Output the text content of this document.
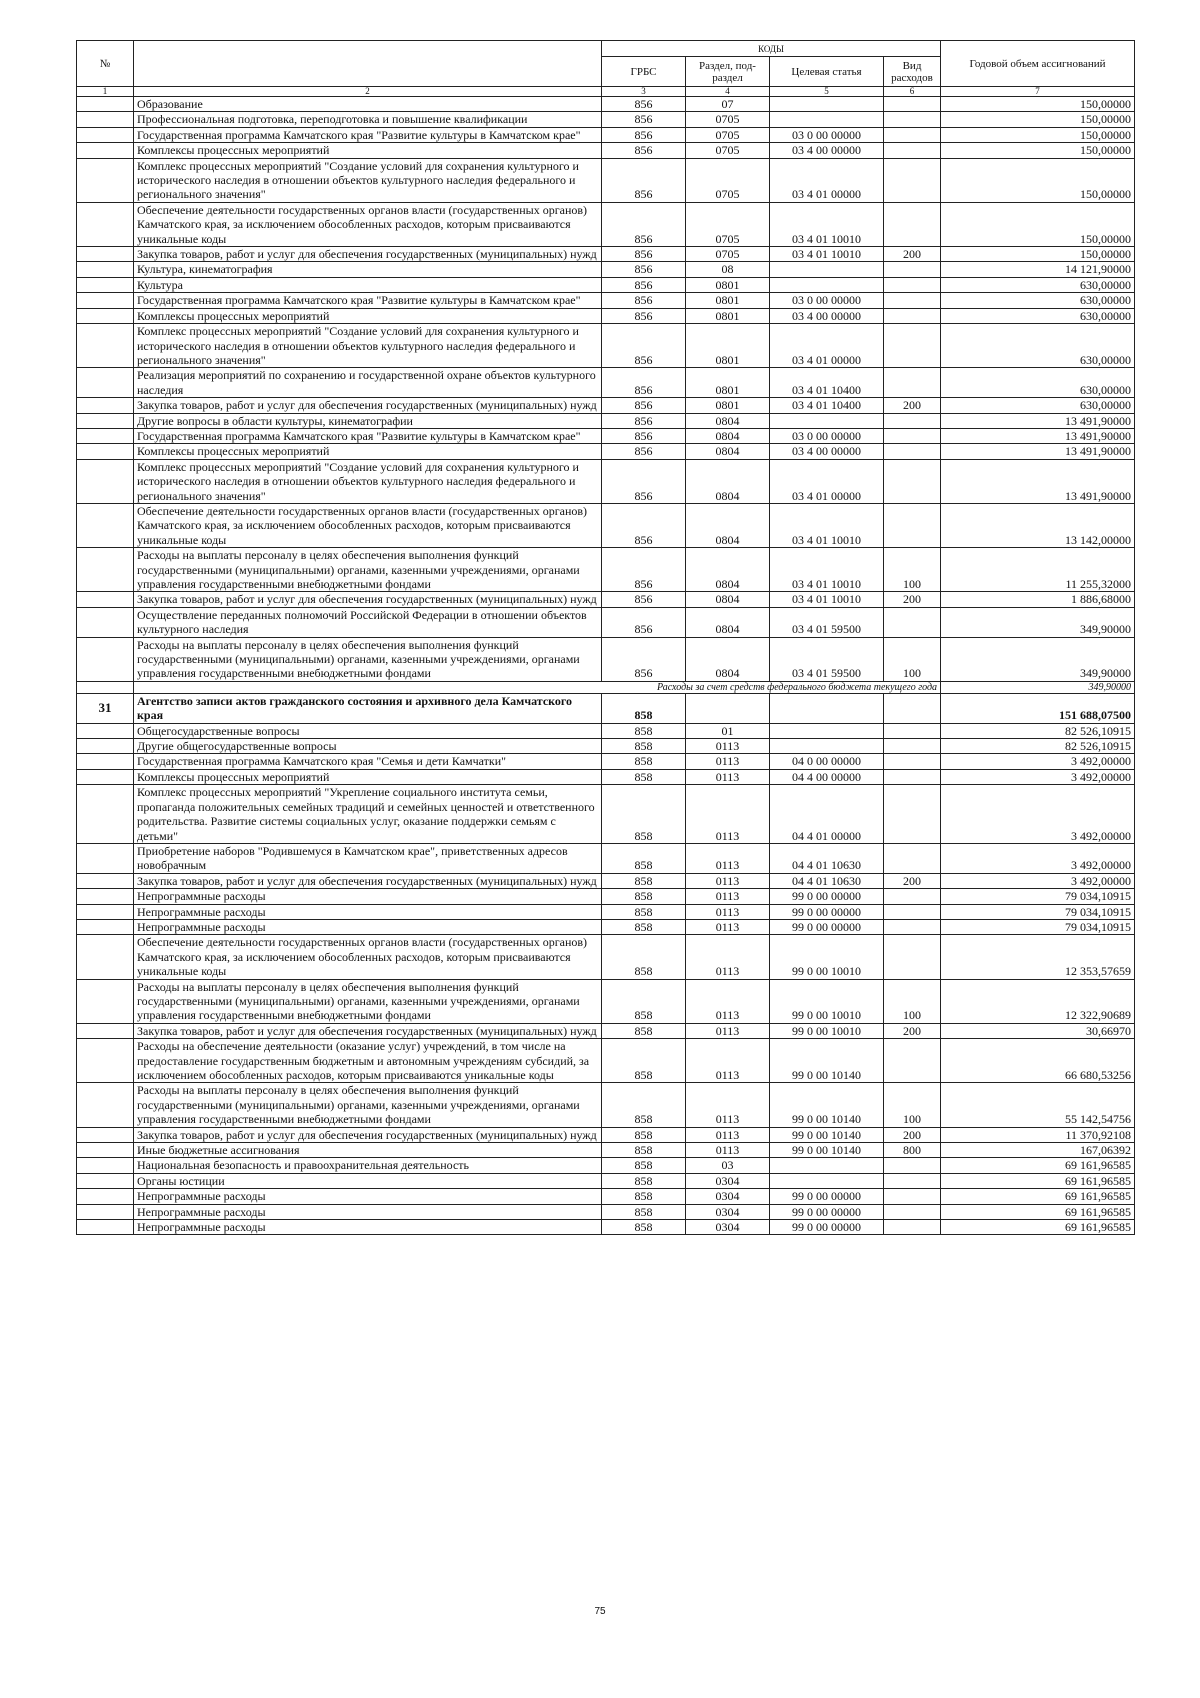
№		КОДЫ				Годовой объем ассигнований
		ГРБС	Раздел, под-раздел	Целевая статья	Вид расходов	
1	2	3	4	5	6	7
	Образование	856	07			150,00000
	Профессиональная подготовка, переподготовка и повышение квалификации	856	0705			150,00000
	Государственная программа Камчатского края "Развитие культуры в Камчатском крае"	856	0705	03 0 00 00000		150,00000
	Комплексы процессных мероприятий	856	0705	03 4 00 00000		150,00000
	Комплекс процессных мероприятий "Создание условий для сохранения культурного и исторического наследия в отношении объектов культурного наследия федерального и регионального значения"	856	0705	03 4 01 00000		150,00000
	Обеспечение деятельности государственных органов власти (государственных органов) Камчатского края, за исключением обособленных расходов, которым присваиваются уникальные коды	856	0705	03 4 01 10010		150,00000
	Закупка товаров, работ и услуг для обеспечения государственных (муниципальных) нужд	856	0705	03 4 01 10010	200	150,00000
	Культура, кинематография	856	08			14 121,90000
	Культура	856	0801			630,00000
	Государственная программа Камчатского края "Развитие культуры в Камчатском крае"	856	0801	03 0 00 00000		630,00000
	Комплексы процессных мероприятий	856	0801	03 4 00 00000		630,00000
	Комплекс процессных мероприятий "Создание условий для сохранения культурного и исторического наследия в отношении объектов культурного наследия федерального и регионального значения"	856	0801	03 4 01 00000		630,00000
	Реализация мероприятий по сохранению и государственной охране объектов культурного наследия	856	0801	03 4 01 10400		630,00000
	Закупка товаров, работ и услуг для обеспечения государственных (муниципальных) нужд	856	0801	03 4 01 10400	200	630,00000
	Другие вопросы в области культуры, кинематографии	856	0804			13 491,90000
	Государственная программа Камчатского края "Развитие культуры в Камчатском крае"	856	0804	03 0 00 00000		13 491,90000
	Комплексы процессных мероприятий	856	0804	03 4 00 00000		13 491,90000
	Комплекс процессных мероприятий "Создание условий для сохранения культурного и исторического наследия в отношении объектов культурного наследия федерального и регионального значения"	856	0804	03 4 01 00000		13 491,90000
	Обеспечение деятельности государственных органов власти (государственных органов) Камчатского края, за исключением обособленных расходов, которым присваиваются уникальные коды	856	0804	03 4 01 10010		13 142,00000
	Расходы на выплаты персоналу в целях обеспечения выполнения функций государственными (муниципальными) органами, казенными учреждениями, органами управления государственными внебюджетными фондами	856	0804	03 4 01 10010	100	11 255,32000
	Закупка товаров, работ и услуг для обеспечения государственных (муниципальных) нужд	856	0804	03 4 01 10010	200	1 886,68000
	Осуществление переданных полномочий Российской Федерации в отношении объектов культурного наследия	856	0804	03 4 01 59500		349,90000
	Расходы на выплаты персоналу в целях обеспечения выполнения функций государственными (муниципальными) органами, казенными учреждениями, органами управления государственными внебюджетными фондами	856	0804	03 4 01 59500	100	349,90000
	Расходы за счет средств федерального бюджета текущего года					349,90000
31	Агентство записи актов гражданского состояния и архивного дела Камчатского края	858				151 688,07500
	Общегосударственные вопросы	858	01			82 526,10915
	Другие общегосударственные вопросы	858	0113			82 526,10915
	Государственная программа Камчатского края "Семья и дети Камчатки"	858	0113	04 0 00 00000		3 492,00000
	Комплексы процессных мероприятий	858	0113	04 4 00 00000		3 492,00000
	Комплекс процессных мероприятий "Укрепление социального института семьи, пропаганда положительных семейных традиций и семейных ценностей и ответственного родительства. Развитие системы социальных услуг, оказание поддержки семьям с детьми"	858	0113	04 4 01 00000		3 492,00000
	Приобретение наборов "Родившемуся в Камчатском крае", приветственных адресов новобрачным	858	0113	04 4 01 10630		3 492,00000
	Закупка товаров, работ и услуг для обеспечения государственных (муниципальных) нужд	858	0113	04 4 01 10630	200	3 492,00000
	Непрограммные расходы	858	0113	99 0 00 00000		79 034,10915
	Непрограммные расходы	858	0113	99 0 00 00000		79 034,10915
	Непрограммные расходы	858	0113	99 0 00 00000		79 034,10915
	Обеспечение деятельности государственных органов власти (государственных органов) Камчатского края, за исключением обособленных расходов, которым присваиваются уникальные коды	858	0113	99 0 00 10010		12 353,57659
	Расходы на выплаты персоналу в целях обеспечения выполнения функций государственными (муниципальными) органами, казенными учреждениями, органами управления государственными внебюджетными фондами	858	0113	99 0 00 10010	100	12 322,90689
	Закупка товаров, работ и услуг для обеспечения государственных (муниципальных) нужд	858	0113	99 0 00 10010	200	30,66970
	Расходы на обеспечение деятельности (оказание услуг) учреждений, в том числе на предоставление государственным бюджетным и автономным учреждениям субсидий, за исключением обособленных расходов, которым присваиваются уникальные коды	858	0113	99 0 00 10140		66 680,53256
	Расходы на выплаты персоналу в целях обеспечения выполнения функций государственными (муниципальными) органами, казенными учреждениями, органами управления государственными внебюджетными фондами	858	0113	99 0 00 10140	100	55 142,54756
	Закупка товаров, работ и услуг для обеспечения государственных (муниципальных) нужд	858	0113	99 0 00 10140	200	11 370,92108
	Иные бюджетные ассигнования	858	0113	99 0 00 10140	800	167,06392
	Национальная безопасность и правоохранительная деятельность	858	03			69 161,96585
	Органы юстиции	858	0304			69 161,96585
	Непрограммные расходы	858	0304	99 0 00 00000		69 161,96585
	Непрограммные расходы	858	0304	99 0 00 00000		69 161,96585
	Непрограммные расходы	858	0304	99 0 00 00000		69 161,96585
75
